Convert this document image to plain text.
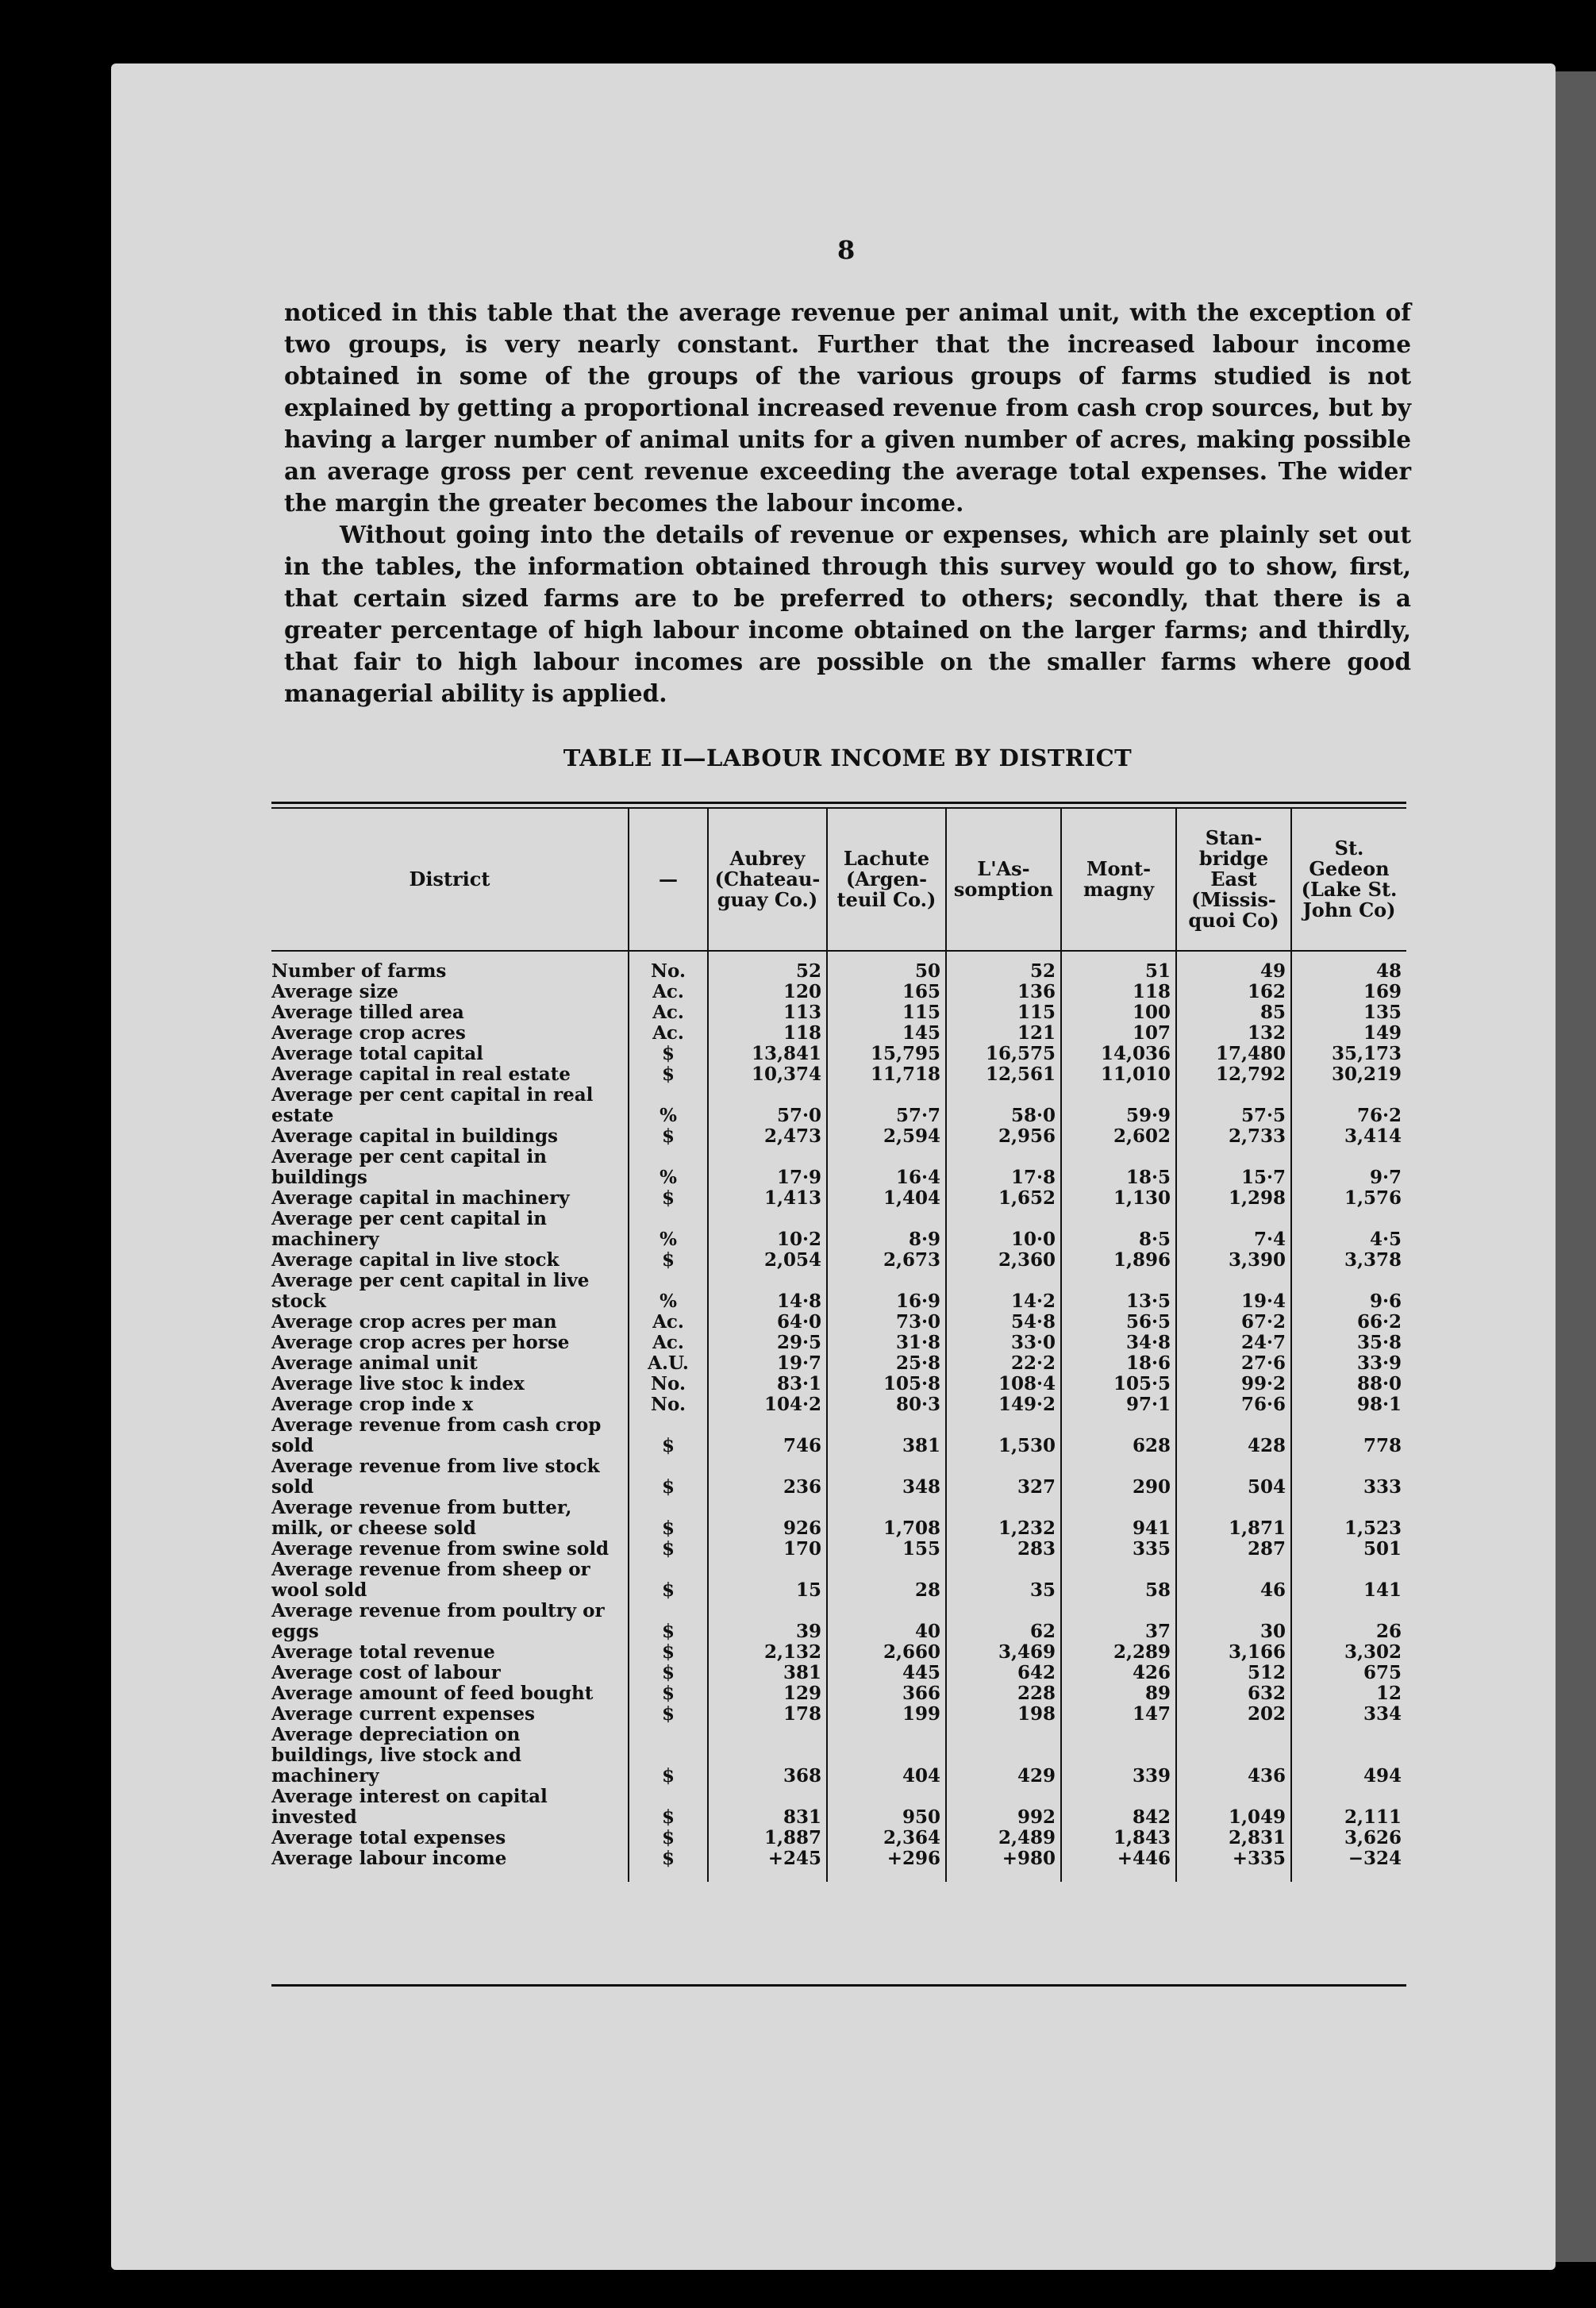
8

noticed in this table that the average revenue per animal unit, with the exception of two groups, is very nearly constant. Further that the increased labour income obtained in some of the groups of the various groups of farms studied is not explained by getting a proportional increased revenue from cash crop sources, but by having a larger number of animal units for a given number of acres, making possible an average gross per cent revenue exceeding the average total expenses. The wider the margin the greater becomes the labour income.

Without going into the details of revenue or expenses, which are plainly set out in the tables, the information obtained through this survey would go to show, first, that certain sized farms are to be preferred to others; secondly, that there is a greater percentage of high labour income obtained on the larger farms; and thirdly, that fair to high labour incomes are possible on the smaller farms where good managerial ability is applied.

TABLE II—LABOUR INCOME BY DISTRICT
District	—	Aubrey (Chateau-guay Co.)	Lachute (Argen-teuil Co.)	L'As-somption	Mont-magny	Stan-bridge East (Missis-quoi Co)	St. Gedeon (Lake St. John Co)
Number of farms	No.	52	50	52	51	49	48
Average size	Ac.	120	165	136	118	162	169
Average tilled area	Ac.	113	115	115	100	85	135
Average crop acres	Ac.	118	145	121	107	132	149
Average total capital	$	13,841	15,795	16,575	14,036	17,480	35,173
Average capital in real estate	$	10,374	11,718	12,561	11,010	12,792	30,219
Average per cent capital in real estate	%	57·0	57·7	58·0	59·9	57·5	76·2
Average capital in buildings	$	2,473	2,594	2,956	2,602	2,733	3,414
Average per cent capital in buildings	%	17·9	16·4	17·8	18·5	15·7	9·7
Average capital in machinery	$	1,413	1,404	1,652	1,130	1,298	1,576
Average per cent capital in machinery	%	10·2	8·9	10·0	8·5	7·4	4·5
Average capital in live stock	$	2,054	2,673	2,360	1,896	3,390	3,378
Average per cent capital in live stock	%	14·8	16·9	14·2	13·5	19·4	9·6
Average crop acres per man	Ac.	64·0	73·0	54·8	56·5	67·2	66·2
Average crop acres per horse	Ac.	29·5	31·8	33·0	34·8	24·7	35·8
Average animal unit	A.U.	19·7	25·8	22·2	18·6	27·6	33·9
Average live stoc k index	No.	83·1	105·8	108·4	105·5	99·2	88·0
Average crop inde x	No.	104·2	80·3	149·2	97·1	76·6	98·1
Average revenue from cash crop sold	$	746	381	1,530	628	428	778
Average revenue from live stock sold	$	236	348	327	290	504	333
Average revenue from butter, milk, or cheese sold	$	926	1,708	1,232	941	1,871	1,523
Average revenue from swine sold	$	170	155	283	335	287	501
Average revenue from sheep or wool sold	$	15	28	35	58	46	141
Average revenue from poultry or eggs	$	39	40	62	37	30	26
Average total revenue	$	2,132	2,660	3,469	2,289	3,166	3,302
Average cost of labour	$	381	445	642	426	512	675
Average amount of feed bought	$	129	366	228	89	632	12
Average current expenses	$	178	199	198	147	202	334
Average depreciation on buildings, live stock and machinery	$	368	404	429	339	436	494
Average interest on capital invested	$	831	950	992	842	1,049	2,111
Average total expenses	$	1,887	2,364	2,489	1,843	2,831	3,626
Average labour income	$	+245	+296	+980	+446	+335	−324
